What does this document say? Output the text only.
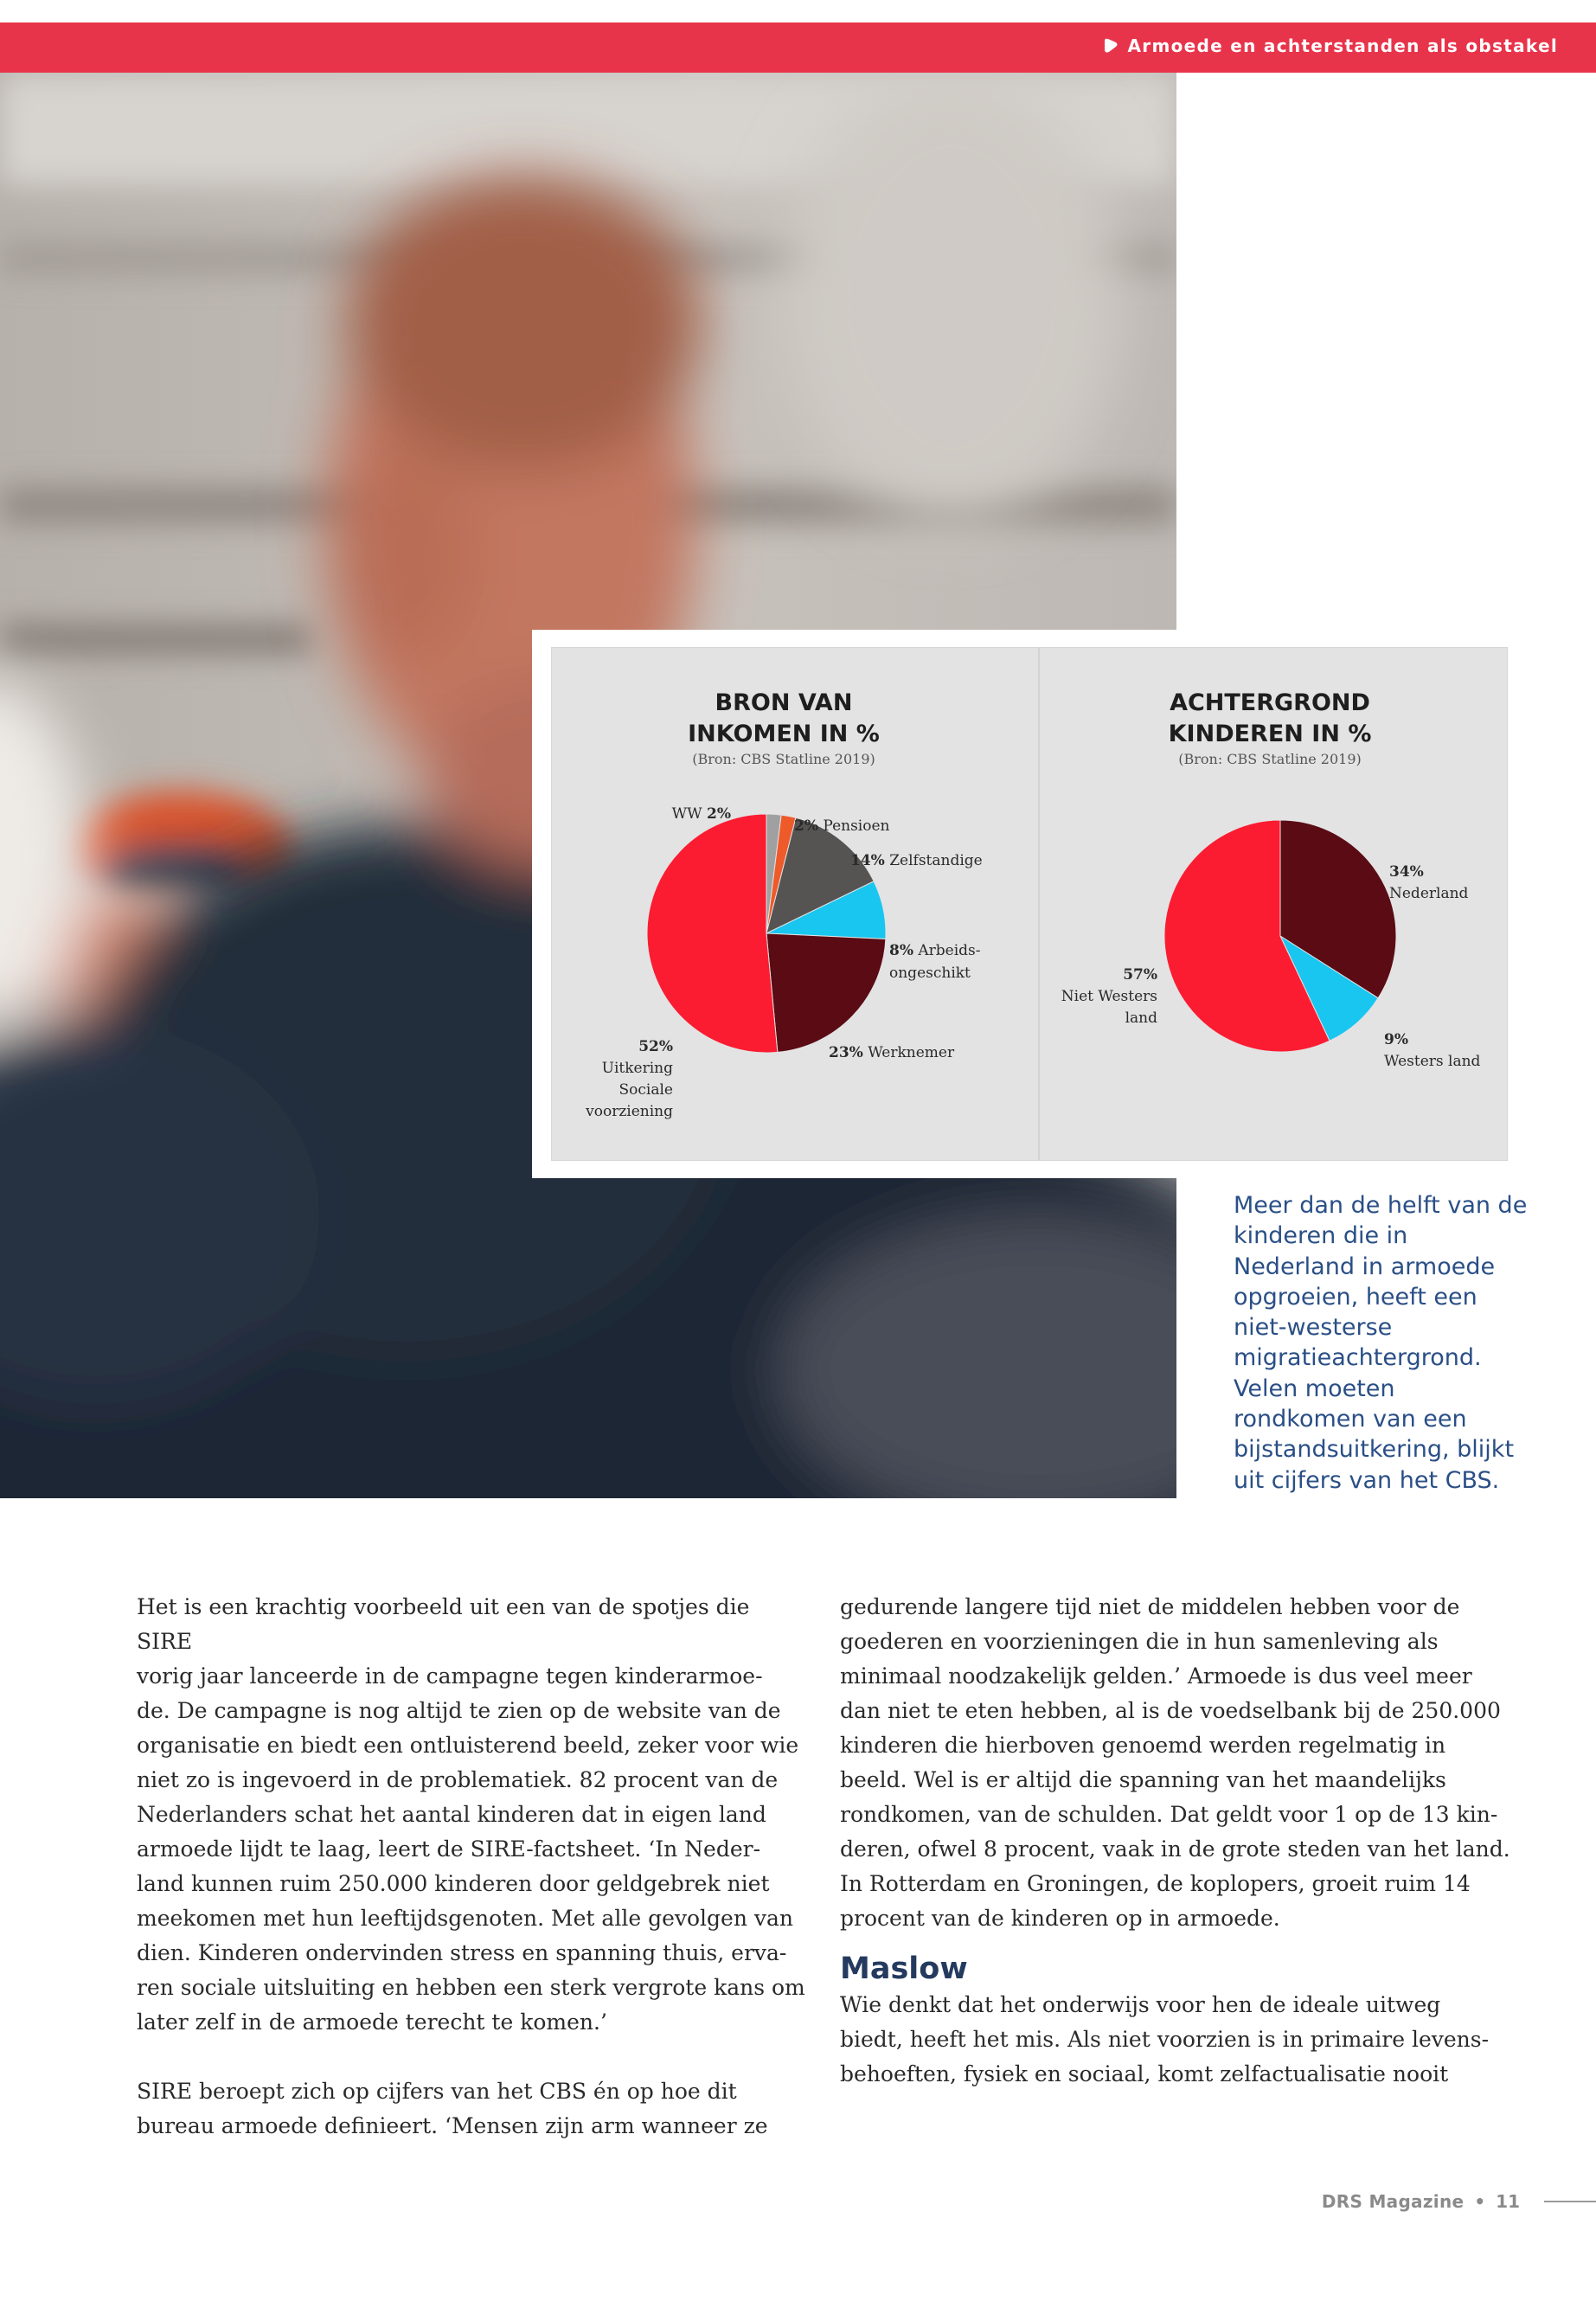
Armoede en achterstanden als obstakel
BRON VAN
INKOMEN IN %
(Bron: CBS Statline 2019)
WW 2%
2% Pensioen
14% Zelfstandige
8% Arbeids-
ongeschikt
23% Werknemer
52%
Uitkering
Sociale
voorziening
ACHTERGROND
KINDEREN IN %
(Bron: CBS Statline 2019)
34%
Nederland
9%
Westers land
57%
Niet Westers
land
Meer dan de helft van de kinderen die in Nederland in armoede opgroeien, heeft een niet-westerse migratieachtergrond. Velen moeten rondkomen van een bijstandsuitkering, blijkt uit cijfers van het CBS.

Het is een krachtig voorbeeld uit een van de spotjes die SIRE
vorig jaar lanceerde in de campagne tegen kinderarmoe-
de. De campagne is nog altijd te zien op de website van de
organisatie en biedt een ontluisterend beeld, zeker voor wie
niet zo is ingevoerd in de problematiek. 82 procent van de
Nederlanders schat het aantal kinderen dat in eigen land
armoede lijdt te laag, leert de SIRE-factsheet. ‘In Neder-
land kunnen ruim 250.000 kinderen door geldgebrek niet
meekomen met hun leeftijdsgenoten. Met alle gevolgen van
dien. Kinderen ondervinden stress en spanning thuis, erva-
ren sociale uitsluiting en hebben een sterk vergrote kans om
later zelf in de armoede terecht te komen.’

SIRE beroept zich op cijfers van het CBS én op hoe dit
bureau armoede definieert. ‘Mensen zijn arm wanneer ze

gedurende langere tijd niet de middelen hebben voor de
goederen en voorzieningen die in hun samenleving als
minimaal noodzakelijk gelden.’ Armoede is dus veel meer
dan niet te eten hebben, al is de voedselbank bij de 250.000
kinderen die hierboven genoemd werden regelmatig in
beeld. Wel is er altijd die spanning van het maandelijks
rondkomen, van de schulden. Dat geldt voor 1 op de 13 kin-
deren, ofwel 8 procent, vaak in de grote steden van het land.
In Rotterdam en Groningen, de koplopers, groeit ruim 14
procent van de kinderen op in armoede.

Maslow

Wie denkt dat het onderwijs voor hen de ideale uitweg
biedt, heeft het mis. Als niet voorzien is in primaire levens-
behoeften, fysiek en sociaal, komt zelfactualisatie nooit

DRS Magazine • 11
